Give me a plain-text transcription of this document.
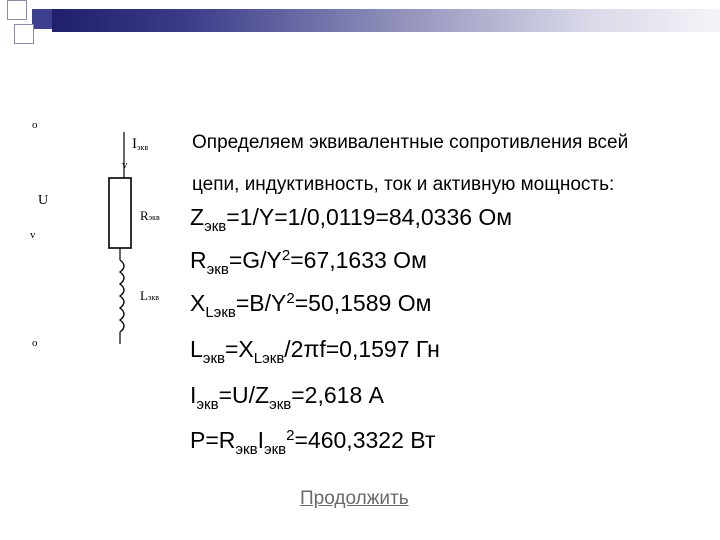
o
Iэкв
v
U
v
Rэкв
Lэкв
o
Определяем эквивалентные сопротивления всей
цепи, индуктивность, ток и активную мощность:
$Z_{экв}=1/Y=1/0,0119=84,0336$ Ом
$R_{экв}=G/Y^2=67,1633$ Ом
$X_{Lэкв}=B/Y^2=50,1589$ Ом
$L_{экв}=X_{Lэкв}/2\pi f=0,1597$ Гн
$I_{экв}=U/Z_{экв}=2,618$ А
$P=R_{экв}I_{экв}^2=460,3322$ Вт
Продолжить
